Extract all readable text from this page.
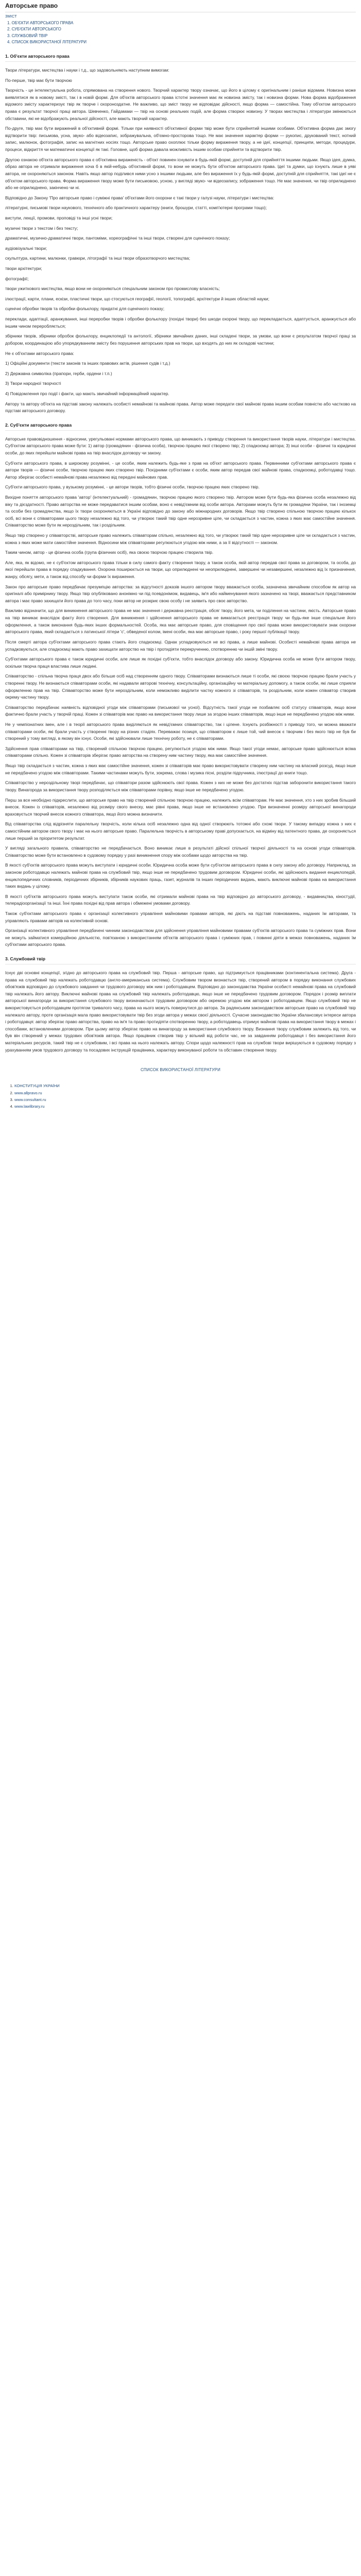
Авторське право
ЗМІСТ
1. ОБ'ЄКТИ АВТОРСЬКОГО ПРАВА
2. СУБ'ЄКТИ АВТОРСЬКОГО
3. СЛУЖБОВИЙ ТВІР
4. СПИСОК ВИКОРИСТАНОЇ ЛІТЕРАТУРИ
1. Об'єкти авторського права

Твори літератури, мистецтва і науки і т.д., що задовольняють наступним вимогам:

По-перше, твір має бути творчою

Творчість - це інтелектуальна робота, спрямована на створення нового. Творчий характер твору означає, що його в цілому є оригінальним і раніше відомим. Новизна може виявлятися як в новому змісті, так і в новій формі. Для об'єктів авторського права істотні значення має як новизна змісту, так і новизна форми. Нова форма відображення відомого змісту характеризує твір як творче і охороноздатне. Не важливо, що зміст твору не відповідає дійсності, якщо форма — самостійна. Тому об'єктом авторського права є результат творчої праці автора. Шевченко, Гайдамаки — твір на основі реальних подій, але форма створює новизну. У творах мистецтва і літератури змінюються обставини, які не відображують реальної дійсності, але мають творчий характер.

По-друге, твір має бути виражений в об'єктивній формі. Тільки при наявності об'єктивної форми твір може бути сприйнятий іншими особами. Об'єктивна форма дає змогу відтворити твір: письмова, усна, звуко- або відеозапис, зображувальна, об'ємно-просторова тощо. Не має значення характер форми — рукопис, друкований текст, нотний запис, малюнок, фотографія, запис на магнітних носіях тощо. Авторське право охоплює тільки форму вираження твору, а не ідеї, концепції, принципи, методи, процедури, процеси, відкриття чи математичні концепції як такі. Головне, щоб форма давала можливість іншим особам сприйняти та відтворити твір.

Другою ознакою об'єкта авторського права є об'єктивна вираженість - об'єкт повинен існувати в будь-якій формі, доступній для сприйняття іншими людьми. Якщо ідея, думка, образ автора не отримали вираження хоча б в якій-небудь об'єктивній формі, то вони не можуть бути об'єктом авторського права. Ідеї та думки, що існують лише в уяві автора, не охороняються законом. Навіть якщо автор поділився ними усно з іншими людьми, але без вираження їх у будь-якій формі, доступній для сприйняття, такі ідеї не є об'єктом авторського права. Форма вираження твору може бути письмовою, усною, у вигляді звуко- чи відеозапису, зображення тощо. Не має значення, чи твір оприлюднено або не оприлюднено, закінчено чи ні.

Відповідно до Закону 'Про авторське право і суміжні права' об'єктами його охорони є такі твори у галузі науки, літератури і мистецтва:

літературні, письмові твори наукового, технічного або практичного характеру (книги, брошури, статті, комп'ютерні програми тощо);

виступи, лекції, промови, проповіді та інші усні твори;

музичні твори з текстом і без тексту;

драматичні, музично-драматичні твори, пантоміми, хореографічні та інші твори, створені для сценічного показу;

аудіовізуальні твори;

скульптура, картини, малюнки, гравюри, літографії та інші твори образотворчого мистецтва;

твори архітектури;

фотографії;

твори ужиткового мистецтва, якщо вони не охороняються спеціальним законом про промислову власність;

ілюстрації, карти, плани, ескізи, пластичні твори, що стосуються географії, геології, топографії, архітектури й інших областей науки;

сценічні обробки творів та обробки фольклору, придатні для сценічного показу;

переклади, адаптації, аранжування, інші переробки творів і обробки фольклору (похідні твори) без шкоди охороні твору, що перекладається, адаптується, аранжується або іншим чином переробляється;

збірники творів, збірники обробок фольклору, енциклопедії та антології, збірники звичайних даних, інші складені твори, за умови, що вони є результатом творчої праці за добором, координацією або упорядкуванням змісту без порушення авторських прав на твори, що входять до них як складові частини;

Не є об'єктами авторського права:

1) Офіційні документи (тексти законів та інших правових актів, рішення судів і т.д.)

2) Державна символіка (прапори, герби, ордени і т.п.)

3) Твори народної творчості

4) Повідомлення про події і факти, що мають звичайний інформаційний характер.

Автору та автору об'єкта на підставі закону належать особисті немайнові та майнові права. Автор може передати свої майнові права іншим особам повністю або частково на підставі авторського договору.

2. Суб'єкти авторського права

Авторське правовідношення - відносини, урегульовані нормами авторського права, що виникають з приводу створення та використання творів науки, літератури і мистецтва. Суб'єктом авторського права може бути: 1) автор (громадянин - фізична особа), творчою працею якої створено твір; 2) спадкоємці автора; 3) інші особи - фізичні та юридичні особи, до яких перейшли майнові права на твір внаслідок договору чи закону.

Суб'єкти авторського права, в широкому розумінні, - це особи, яким належить будь-яке з прав на об'єкт авторського права. Первинними суб'єктами авторського права є автори творів — фізичні особи, творчою працею яких створено твір. Похідними суб'єктами є особи, яким автор передав свої майнові права, спадкоємці, роботодавці тощо. Автор зберігає особисті немайнові права незалежно від передачі майнових прав.

Суб'єкти авторського права, у вузькому розумінні, - це автори творів, тобто фізичні особи, творчою працею яких створено твір.

Вихідне поняття авторського права 'автор' (інтелектуальний) - громадянин, творчою працею якого створено твір. Автором може бути будь-яка фізична особа незалежно від віку та дієздатності. Право авторства не може передаватися іншим особам, воно є невід'ємним від особи автора. Авторами можуть бути як громадяни України, так і іноземці та особи без громадянства, якщо їх твори охороняються в Україні відповідно до закону або міжнародних договорів. Якщо твір створено спільною творчою працею кількох осіб, всі вони є співавторами цього твору незалежно від того, чи утворює такий твір одне нерозривне ціле, чи складається з частин, кожна з яких має самостійне значення. Співавторство може бути як нероздільним, так і роздільним.

Якщо твір створено у співавторстві, авторське право належить співавторам спільно, незалежно від того, чи утворює такий твір одне нерозривне ціле чи складається з частин, кожна з яких може мати самостійне значення. Відносини між співавторами регулюються угодою між ними, а за її відсутності — законом.

Таким чином, автор - це фізична особа (група фізичних осіб), яка своєю творчою працею створила твір.

Але, яка, як відомо, не є суб'єктом авторського права тільки в силу самого факту створення твору, а також особа, якій автор передав свої права за договором, та особа, до якої перейшли права в порядку спадкування. Охорона поширюється на твори, що оприлюднені чи неоприлюднені, завершені чи незавершені, незалежно від їх призначення, жанру, обсягу, мети, а також від способу чи форми їх вираження.

Закон про авторське право передбачає презумпцію авторства: за відсутності доказів іншого автором твору вважається особа, зазначена звичайним способом як автор на оригіналі або примірнику твору. Якщо твір опубліковано анонімно чи під псевдонімом, видавець, ім'я або найменування якого зазначено на творі, вважається представником автора і має право захищати його права до того часу, поки автор не розкриє свою особу і не заявить про своє авторство.

Важливо відзначити, що для виникнення авторського права не має значення і державна реєстрація, обсяг твору, його мета, чи поділення на частини, якість. Авторське право на твір виникає внаслідок факту його створення. Для виникнення і здійснення авторського права не вимагається реєстрація твору чи будь-яке інше спеціальне його оформлення, а також виконання будь-яких інших формальностей. Особа, яка має авторське право, для сповіщення про свої права може використовувати знак охорони авторського права, який складається з латинської літери 'с', обведеної колом, імені особи, яка має авторське право, і року першої публікації твору.

Після смерті автора суб'єктами авторського права стають його спадкоємці. Однак успадковуються не всі права, а лише майнові. Особисті немайнові права автора не успадковуються, але спадкоємці мають право захищати авторство на твір і протидіяти перекрученню, спотворенню чи іншій зміні твору.

Суб'єктами авторського права є також юридичні особи, але лише як похідні суб'єкти, тобто внаслідок договору або закону. Юридична особа не може бути автором твору, оскільки творча праця властива лише людині.

Співавторство - спільна творча праця двох або більше осіб над створенням одного твору. Співавторами визнаються лише ті особи, які своєю творчою працею брали участь у створенні твору. Не визнаються співавторами особи, які надавали авторові технічну, консультаційну, організаційну чи матеріальну допомогу, а також особи, які лише сприяли оформленню прав на твір. Співавторство може бути нероздільним, коли неможливо виділити частку кожного зі співавторів, та роздільним, коли кожен співавтор створив окрему частину твору.

Співавторство передбачає наявність відповідної угоди між співавторами (письмової чи усної). Відсутність такої угоди не позбавляє осіб статусу співавторів, якщо вони фактично брали участь у творчій праці. Кожен зі співавторів має право на використання твору лише за згодою інших співавторів, якщо інше не передбачено угодою між ними.

Не у чемпіонатних імен, але і в теорії авторського права виділяються як невід'ємних співавторство, так і цілене. Існують розбіжності з приводу того, чи можна вважати співавторами особи, які брали участь у створенні твору на різних стадіях. Переважає позиція, що співавтором є лише той, чий внесок є творчим і без якого твір не був би створений у тому вигляді, в якому він існує. Особи, які здійснювали лише технічну роботу, не є співавторами.

Здійснення прав співавторами на твір, створений спільною творчою працею, регулюється угодою між ними. Якщо такої угоди немає, авторське право здійснюється всіма співавторами спільно. Кожен зі співавторів зберігає право авторства на створену ним частину твору, яка має самостійне значення.

Якщо твір складається з частин, кожна з яких має самостійне значення, кожен зі співавторів має право використовувати створену ним частину на власний розсуд, якщо інше не передбачено угодою між співавторами. Такими частинами можуть бути, зокрема, слова і музика пісні, розділи підручника, ілюстрації до книги тощо.

Співавторство у нероздільному творі передбачає, що співавтори разом здійснюють свої права. Кожен з них не може без достатніх підстав заборонити використання такого твору. Винагорода за використання твору розподіляється між співавторами порівну, якщо інше не передбачено угодою.

Перш за все необхідно підкреслити, що авторське право на твір створений спільною творчою працею, належить всім співавторам. Не має значення, хто з них зробив більший внесок. Кожен із співавторів, незалежно від розміру свого внеску, має рівні права, якщо інше не встановлено угодою. При визначенні розміру авторської винагороди враховується творчий внесок кожного співавтора, якщо його можна визначити.

Від співавторства слід відрізняти паралельну творчість, коли кілька осіб незалежно одна від одної створюють тотожні або схожі твори. У такому випадку кожна з них є самостійним автором свого твору і має на нього авторське право. Паралельна творчість в авторському праві допускається, на відміну від патентного права, де охороняється лише перший за пріоритетом результат.

У вигляді загального правила, співавторство не передбачається. Воно виникає лише в результаті дійсної спільної творчої діяльності та на основі угоди співавторів. Співавторство може бути встановлено в судовому порядку у разі виникнення спору між особами щодо авторства на твір.

В якості суб'єктів авторського права можуть виступати і юридичні особи. Юридична особа може бути суб'єктом авторського права в силу закону або договору. Наприклад, за законом роботодавцю належать майнові права на службовий твір, якщо інше не передбачено трудовим договором. Юридичні особи, які здійснюють видання енциклопедій, енциклопедичних словників, періодичних збірників, збірників наукових праць, газет, журналів та інших періодичних видань, мають виключні майнові права на використання таких видань у цілому.

В якості суб'єктів авторського права можуть виступати також особи, які отримали майнові права на твір відповідно до авторського договору, - видавництва, кіностудії, телерадіоорганізації та інші. Їхні права похідні від прав автора і обмежені умовами договору.

Також суб'єктами авторського права є організації колективного управління майновими правами авторів, які діють на підставі повноважень, наданих їм авторами, та управляють правами авторів на колективній основі.

Організації колективного управління передбачені чинним законодавством для здійснення управління майновими правами суб'єктів авторського права та суміжних прав. Вони не можуть займатися комерційною діяльністю, пов'язаною з використанням об'єктів авторського права і суміжних прав, і повинні діяти в межах повноважень, наданих їм суб'єктами авторського права.

3. Службовий твір

Існує дві основні концепції, згідно до авторського права на службовий твір. Перша - авторське право, що підтримується працівниками (континентальна система). Друга - права на службовий твір належать роботодавцю (англо-американська система). Службовим твором визнається твір, створений автором в порядку виконання службових обов'язків відповідно до службового завдання чи трудового договору між ним і роботодавцем. Відповідно до законодавства України особисті немайнові права на службовий твір належать його автору. Виключні майнові права на службовий твір належать роботодавцю, якщо інше не передбачено трудовим договором. Порядок і розмір виплати авторської винагороди за використання службового твору визначаються трудовим договором або окремою угодою між автором і роботодавцем. Якщо службовий твір не використовується роботодавцем протягом тривалого часу, права на нього можуть повернутися до автора. За радянським законодавством авторське право на службовий твір належало автору, проте організація мала право використовувати твір без згоди автора у межах своєї діяльності. Сучасне законодавство України збалансовує інтереси автора і роботодавця: автор зберігає право авторства, право на ім'я та право протидіяти спотворенню твору, а роботодавець отримує майнові права на використання твору в межах і способами, встановленими договором. При цьому автор зберігає право на винагороду за використання службового твору. Визнання твору службовим залежить від того, чи був він створений у межах трудових обов'язків автора. Якщо працівник створив твір у вільний від роботи час, не за завданням роботодавця і без використання його матеріальних ресурсів, такий твір не є службовим, і всі права на нього належать автору. Спори щодо належності прав на службові твори вирішуються в судовому порядку з урахуванням умов трудового договору та посадових інструкцій працівника, характеру виконуваної роботи та обставин створення твору.

СПИСОК ВИКОРИСТАНОЇ ЛІТЕРАТУРИ
1. КОНСТИТУЦІЯ УКРАЇНИ
2. www.allpravo.ru
3. www.consultant.ru
4. www.lawlibrary.ru
